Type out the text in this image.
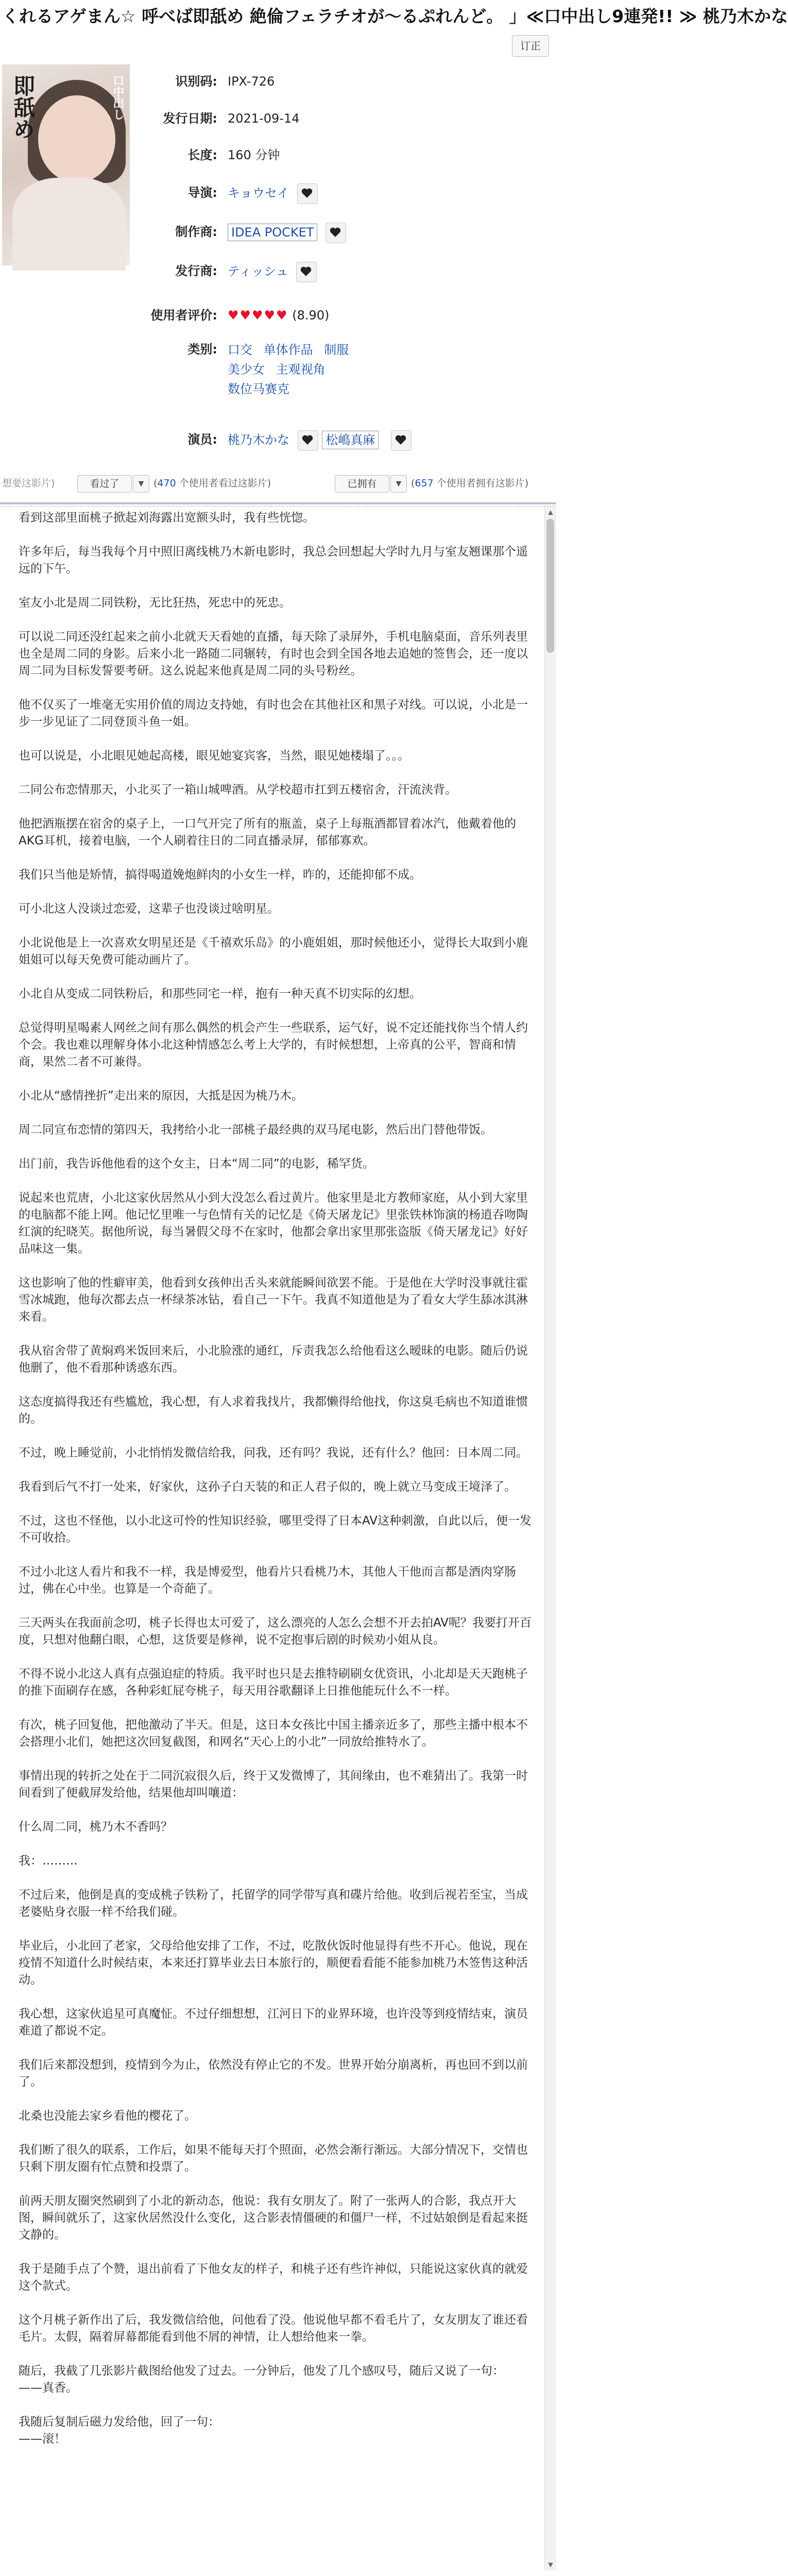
くれるアゲまん☆ 呼べば即舐め 絶倫フェラチオが～るぷれんど。 」≪口中出し9連発!! ≫ 桃乃木かな
订正
即舐め	口中出し	识别码: IPX-726
发行日期: 2021-09-14
长度: 160 分钟
导演: キョウセイ
制作商: IDEA POCKET
发行商: ティッシュ
使用者评价: ♥♥♥♥♥ (8.90)
类别: 口交 单体作品 制服
美少女 主观视角
数位马赛克
演员: 桃乃木かな	松嶋真麻
想要这影片)	看过了	▼ (470 个使用者看过这影片)	已拥有	▼ (657 个使用者拥有这影片)

看到这部里面桃子掀起刘海露出宽额头时，我有些恍惚。

许多年后，每当我每个月中照旧离线桃乃木新电影时，我总会回想起大学时九月与室友翘课那个遥远的下午。

室友小北是周二同铁粉，无比狂热，死忠中的死忠。

可以说二同还没红起来之前小北就天天看她的直播，每天除了录屏外，手机电脑桌面，音乐列表里也全是周二同的身影。后来小北一路随二同辗转，有时也会到全国各地去追她的签售会，还一度以周二同为目标发誓要考研。这么说起来他真是周二同的头号粉丝。

他不仅买了一堆毫无实用价值的周边支持她，有时也会在其他社区和黑子对线。可以说，小北是一步一步见证了二同登顶斗鱼一姐。

也可以说是，小北眼见她起高楼，眼见她宴宾客，当然，眼见她楼塌了。。。

二同公布恋情那天，小北买了一箱山城啤酒。从学校超市扛到五楼宿舍，汗流浃背。

他把酒瓶摆在宿舍的桌子上，一口气开完了所有的瓶盖，桌子上每瓶酒都冒着冰汽，他戴着他的AKG耳机，接着电脑，一个人刷着往日的二同直播录屏，郁郁寡欢。

我们只当他是矫情，搞得喝道娩炮鲜肉的小女生一样，昨的，还能抑郁不成。

可小北这人没谈过恋爱，这辈子也没谈过啥明星。

小北说他是上一次喜欢女明星还是《千禧欢乐岛》的小鹿姐姐，那时候他还小，觉得长大取到小鹿姐姐可以每天免费可能动画片了。

小北自从变成二同铁粉后，和那些同宅一样，抱有一种天真不切实际的幻想。

总觉得明星喝素人网丝之间有那么偶然的机会产生一些联系，运气好，说不定还能找你当个情人约个会。我也难以理解身体小北这种情感怎么考上大学的，有时候想想，上帝真的公平，智商和情商，果然二者不可兼得。

小北从“感情挫折”走出来的原因，大抵是因为桃乃木。

周二同宣布恋情的第四天，我拷给小北一部桃子最经典的双马尾电影，然后出门替他带饭。

出门前，我告诉他他看的这个女主，日本“周二同”的电影，稀罕货。

说起来也荒唐，小北这家伙居然从小到大没怎么看过黄片。他家里是北方教师家庭，从小到大家里的电脑都不能上网。他记忆里唯一与色情有关的记忆是《倚天屠龙记》里张铁林饰演的杨逍吞吻陶红演的纪晓芙。据他所说，每当暑假父母不在家时，他都会拿出家里那张盗版《倚天屠龙记》好好品味这一集。

这也影响了他的性癖审美，他看到女孩伸出舌头来就能瞬间欲罢不能。于是他在大学时没事就往霍雪冰城跑，他每次都去点一杯绿茶冰钻，看自己一下午。我真不知道他是为了看女大学生舔冰淇淋来看。

我从宿舍带了黄焖鸡米饭回来后，小北脸涨的通红，斥责我怎么给他看这么暧昧的电影。随后仍说他删了，他不看那种诱惑东西。

这态度搞得我还有些尴尬，我心想，有人求着我找片，我都懒得给他找，你这臭毛病也不知道谁惯的。

不过，晚上睡觉前，小北悄悄发微信给我，问我，还有吗？我说，还有什么？他回：日本周二同。

我看到后气不打一处来，好家伙，这孙子白天装的和正人君子似的，晚上就立马变成王境泽了。

不过，这也不怪他，以小北这可怜的性知识经验，哪里受得了日本AV这种刺激，自此以后，便一发不可收拾。

不过小北这人看片和我不一样，我是博爱型，他看片只看桃乃木，其他人干他而言都是酒肉穿肠过，佛在心中坐。也算是一个奇葩了。

三天两头在我面前念叨，桃子长得也太可爱了，这么漂亮的人怎么会想不开去拍AV呢？我要打开百度，只想对他翻白眼，心想，这货要是修禅，说不定抱事后剧的时候劝小姐从良。

不得不说小北这人真有点强迫症的特质。我平时也只是去推特刷刷女优资讯，小北却是天天跑桃子的推下面刷存在感，各种彩虹屁夸桃子，每天用谷歌翻译上日推他能玩什么不一样。

有次，桃子回复他，把他激动了半天。但是，这日本女孩比中国主播亲近多了，那些主播中根本不会搭理小北们，她把这次回复截图，和网名“天心上的小北”一同放给推特水了。

事情出现的转折之处在于二同沉寂很久后，终于又发微博了，其间缘由，也不难猜出了。我第一时间看到了便截屏发给他，结果他却叫嚷道：

什么周二同，桃乃木不香吗？

我：………

不过后来，他倒是真的变成桃子铁粉了，托留学的同学带写真和碟片给他。收到后视若至宝，当成老婆贴身衣服一样不给我们碰。

毕业后，小北回了老家，父母给他安排了工作，不过，吃散伙饭时他显得有些不开心。他说，现在疫情不知道什么时候结束，本来还打算毕业去日本旅行的，顺便看看能不能参加桃乃木签售这种活动。

我心想，这家伙追星可真魔怔。不过仔细想想，江河日下的业界环境，也许没等到疫情结束，演员难道了都说不定。

我们后来都没想到，疫情到今为止，依然没有停止它的不发。世界开始分崩离析，再也回不到以前了。

北桑也没能去家乡看他的樱花了。

我们断了很久的联系，工作后，如果不能每天打个照面，必然会渐行渐远。大部分情况下，交情也只剩下朋友圈有忙点赞和投票了。

前两天朋友圈突然刷到了小北的新动态，他说：我有女朋友了。附了一张两人的合影，我点开大图，瞬间就乐了，这家伙居然没什么变化，这合影表情僵硬的和僵尸一样，不过姑娘倒是看起来挺文静的。

我于是随手点了个赞，退出前看了下他女友的样子，和桃子还有些许神似，只能说这家伙真的就爱这个款式。

这个月桃子新作出了后，我发微信给他，问他看了没。他说他早都不看毛片了，女友朋友了谁还看毛片。太假，隔着屏幕都能看到他不屑的神情，让人想给他来一拳。

随后，我截了几张影片截图给他发了过去。一分钟后，他发了几个感叹号，随后又说了一句：
——真香。

我随后复制后磁力发给他，回了一句：
——滚！

▲
▼
